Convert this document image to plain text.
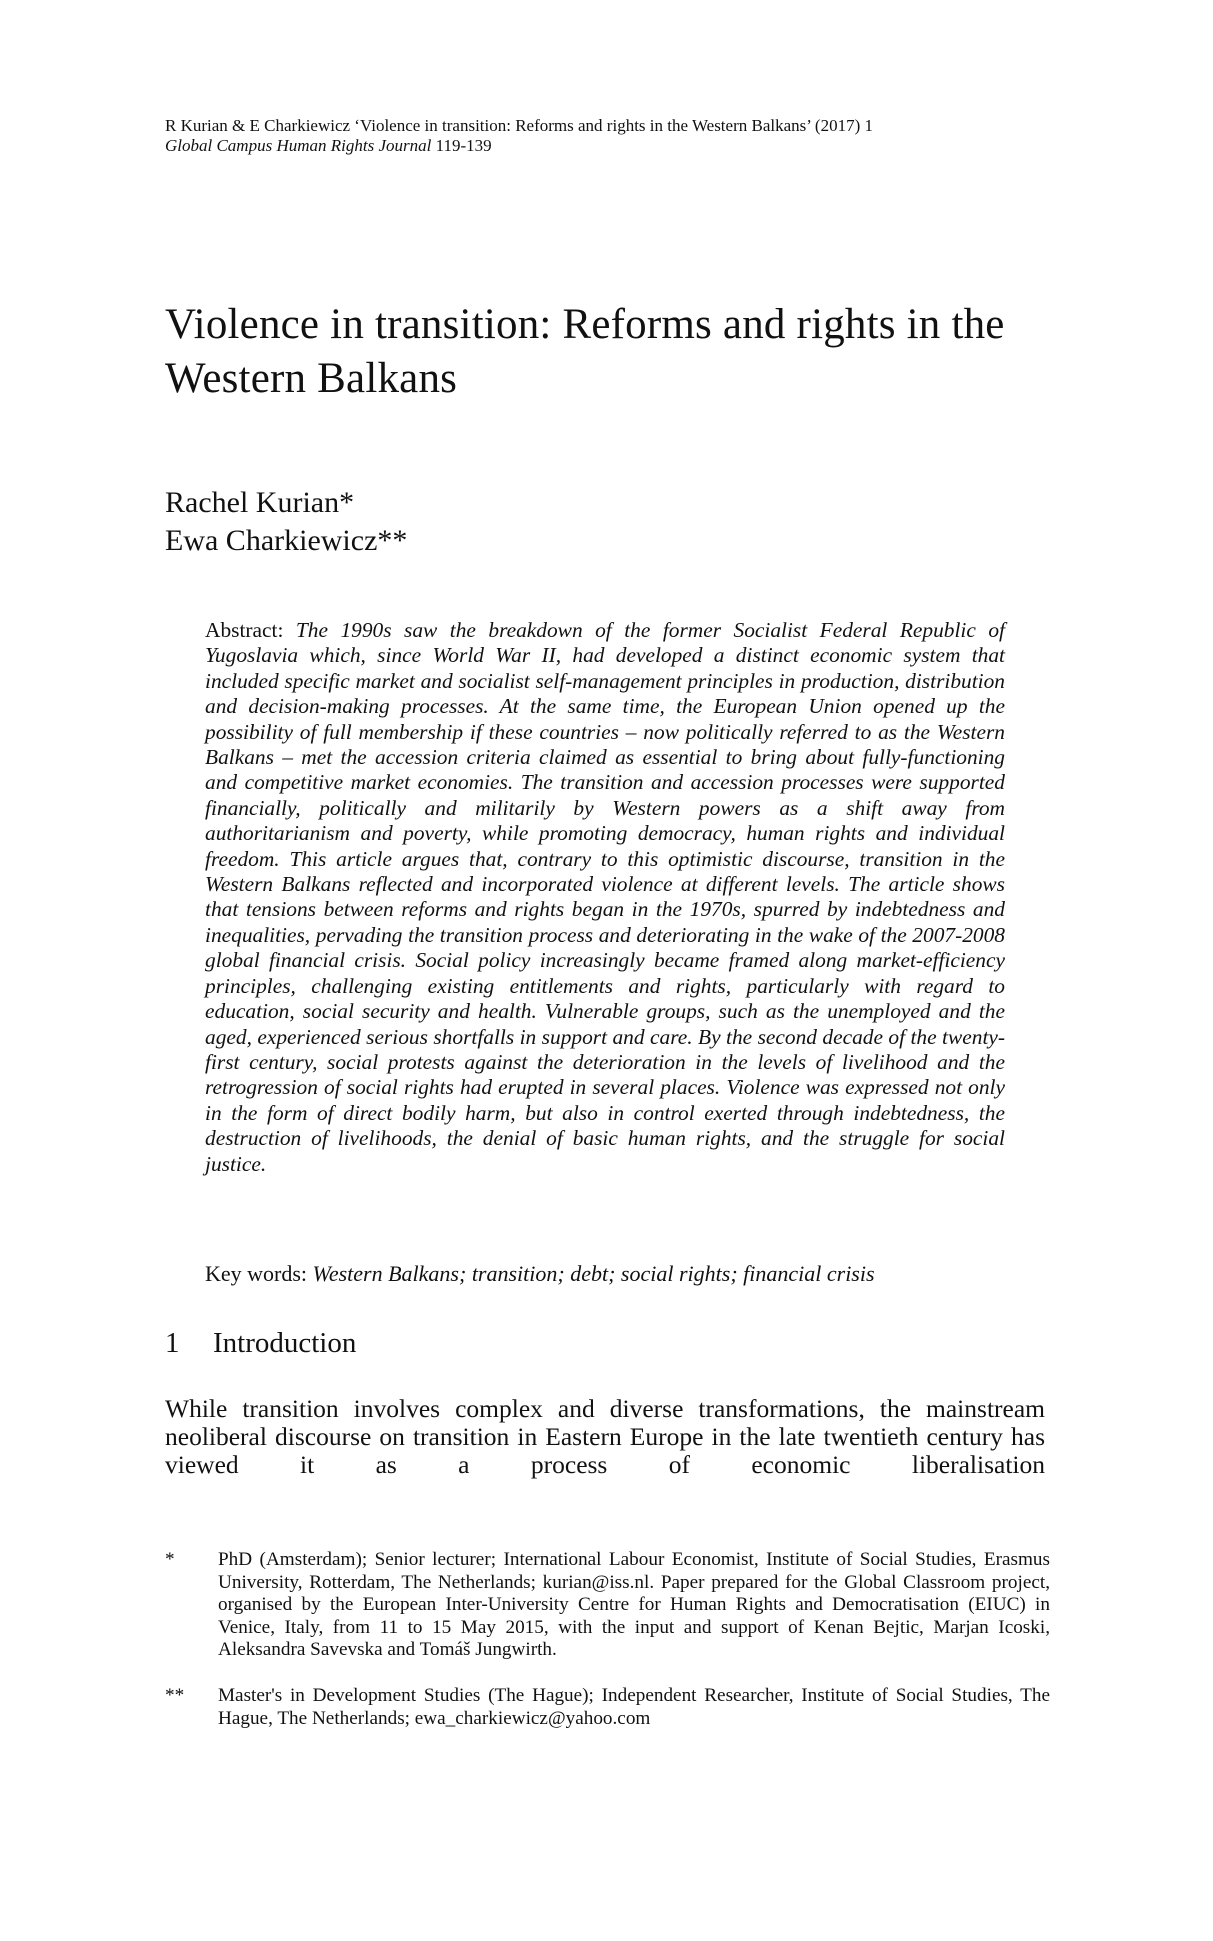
R Kurian & E Charkiewicz ‘Violence in transition: Reforms and rights in the Western Balkans’ (2017) 1
Global Campus Human Rights Journal 119-139
Violence in transition: Reforms and rights in the Western Balkans
Rachel Kurian*
Ewa Charkiewicz**

Abstract: The 1990s saw the breakdown of the former Socialist Federal Republic of Yugoslavia which, since World War II, had developed a distinct economic system that included specific market and socialist self-management principles in production, distribution and decision-making processes. At the same time, the European Union opened up the possibility of full membership if these countries – now politically referred to as the Western Balkans – met the accession criteria claimed as essential to bring about fully-functioning and competitive market economies. The transition and accession processes were supported financially, politically and militarily by Western powers as a shift away from authoritarianism and poverty, while promoting democracy, human rights and individual freedom. This article argues that, contrary to this optimistic discourse, transition in the Western Balkans reflected and incorporated violence at different levels. The article shows that tensions between reforms and rights began in the 1970s, spurred by indebtedness and inequalities, pervading the transition process and deteriorating in the wake of the 2007-2008 global financial crisis. Social policy increasingly became framed along market-efficiency principles, challenging existing entitlements and rights, particularly with regard to education, social security and health. Vulnerable groups, such as the unemployed and the aged, experienced serious shortfalls in support and care. By the second decade of the twenty-first century, social protests against the deterioration in the levels of livelihood and the retrogression of social rights had erupted in several places. Violence was expressed not only in the form of direct bodily harm, but also in control exerted through indebtedness, the destruction of livelihoods, the denial of basic human rights, and the struggle for social justice.

Key words: Western Balkans; transition; debt; social rights; financial crisis
1 Introduction

While transition involves complex and diverse transformations, the mainstream neoliberal discourse on transition in Eastern Europe in the late twentieth century has viewed it as a process of economic liberalisation

* PhD (Amsterdam); Senior lecturer; International Labour Economist, Institute of Social Studies, Erasmus University, Rotterdam, The Netherlands; kurian@iss.nl. Paper prepared for the Global Classroom project, organised by the European Inter-University Centre for Human Rights and Democratisation (EIUC) in Venice, Italy, from 11 to 15 May 2015, with the input and support of Kenan Bejtic, Marjan Icoski, Aleksandra Savevska and Tomáš Jungwirth.
** Master's in Development Studies (The Hague); Independent Researcher, Institute of Social Studies, The Hague, The Netherlands; ewa_charkiewicz@yahoo.com
